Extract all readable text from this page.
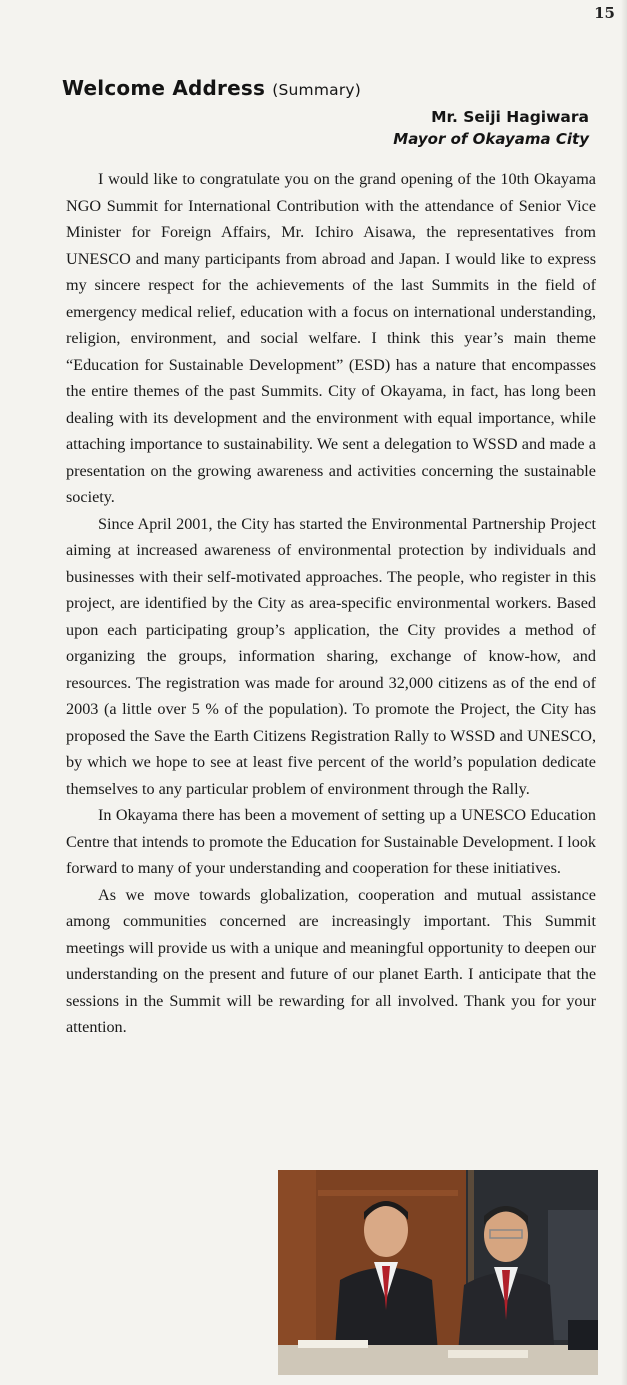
15
Welcome Address (Summary)
Mr. Seiji Hagiwara
Mayor of Okayama City

I would like to congratulate you on the grand opening of the 10th Okayama NGO Summit for International Contribution with the attendance of Senior Vice Minister for Foreign Affairs, Mr. Ichiro Aisawa, the representatives from UNESCO and many participants from abroad and Japan. I would like to express my sincere respect for the achievements of the last Summits in the field of emergency medical relief, education with a focus on international understanding, religion, environment, and social welfare. I think this year’s main theme “Education for Sustainable Development” (ESD) has a nature that encompasses the entire themes of the past Summits. City of Okayama, in fact, has long been dealing with its development and the environment with equal importance, while attaching importance to sustainability. We sent a delegation to WSSD and made a presentation on the growing awareness and activities concerning the sustainable society.

Since April 2001, the City has started the Environmental Partnership Project aiming at increased awareness of environmental protection by individuals and businesses with their self-motivated approaches. The people, who register in this project, are identified by the City as area-specific environmental workers. Based upon each participating group’s application, the City provides a method of organizing the groups, information sharing, exchange of know-how, and resources. The registration was made for around 32,000 citizens as of the end of 2003 (a little over 5 % of the population). To promote the Project, the City has proposed the Save the Earth Citizens Registration Rally to WSSD and UNESCO, by which we hope to see at least five percent of the world’s population dedicate themselves to any particular problem of environment through the Rally.

In Okayama there has been a movement of setting up a UNESCO Education Centre that intends to promote the Education for Sustainable Development. I look forward to many of your understanding and cooperation for these initiatives.

As we move towards globalization, cooperation and mutual assistance among communities concerned are increasingly important. This Summit meetings will provide us with a unique and meaningful opportunity to deepen our understanding on the present and future of our planet Earth. I anticipate that the sessions in the Summit will be rewarding for all involved. Thank you for your attention.
